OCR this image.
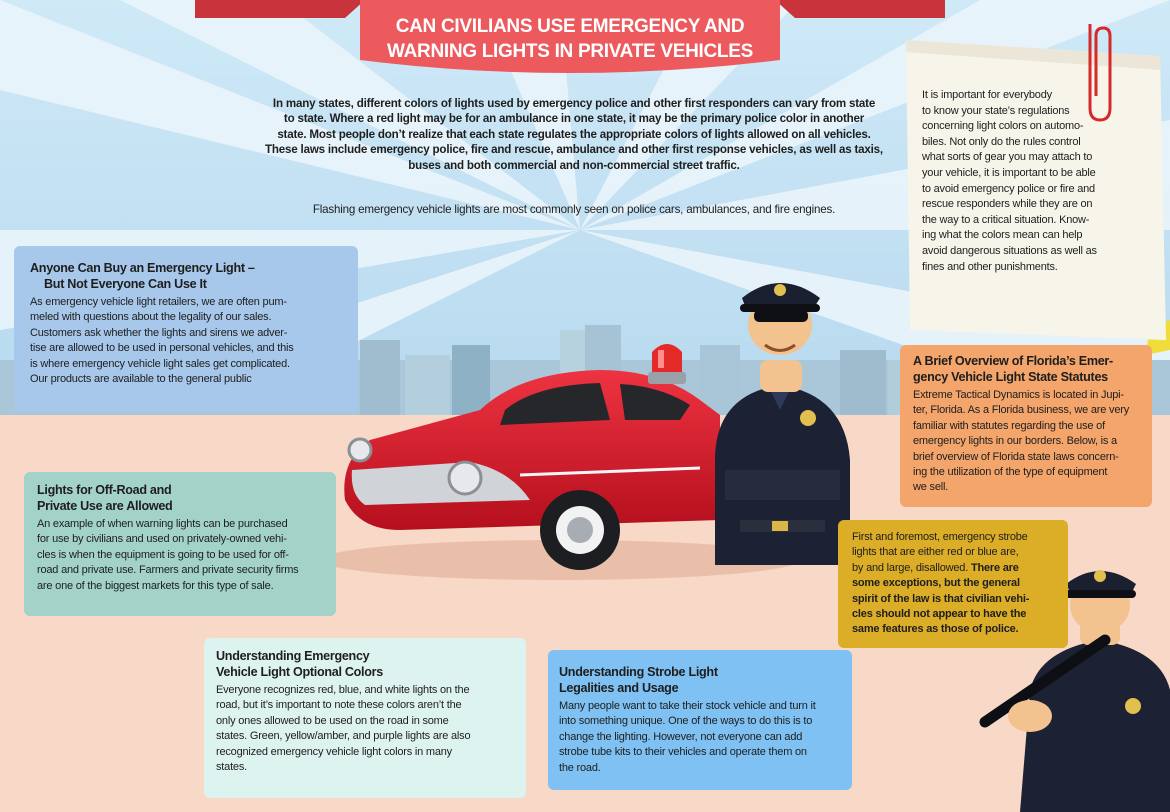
CAN CIVILIANS USE EMERGENCY AND
WARNING LIGHTS IN PRIVATE VEHICLES
In many states, different colors of lights used by emergency police and other first responders can vary from state
to state. Where a red light may be for an ambulance in one state, it may be the primary police color in another
state. Most people don’t realize that each state regulates the appropriate colors of lights allowed on all vehicles.
These laws include emergency police, fire and rescue, ambulance and other first response vehicles, as well as taxis,
buses and both commercial and non-commercial street traffic.
Flashing emergency vehicle lights are most commonly seen on police cars, ambulances, and fire engines.
It is important for everybody
to know your state’s regulations
concerning light colors on automo-
biles. Not only do the rules control
what sorts of gear you may attach to
your vehicle, it is important to be able
to avoid emergency police or fire and
rescue responders while they are on
the way to a critical situation. Know-
ing what the colors mean can help
avoid dangerous situations as well as
fines and other punishments.
Anyone Can Buy an Emergency Light –
But Not Everyone Can Use It

As emergency vehicle light retailers, we are often pum-
meled with questions about the legality of our sales.
Customers ask whether the lights and sirens we adver-
tise are allowed to be used in personal vehicles, and this
is where emergency vehicle light sales get complicated.
Our products are available to the general public

Lights for Off-Road and
Private Use are Allowed

An example of when warning lights can be purchased
for use by civilians and used on privately-owned vehi-
cles is when the equipment is going to be used for off-
road and private use. Farmers and private security firms
are one of the biggest markets for this type of sale.

Understanding Emergency
Vehicle Light Optional Colors

Everyone recognizes red, blue, and white lights on the
road, but it’s important to note these colors aren’t the
only ones allowed to be used on the road in some
states. Green, yellow/amber, and purple lights are also
recognized emergency vehicle light colors in many
states.

Understanding Strobe Light
Legalities and Usage

Many people want to take their stock vehicle and turn it
into something unique. One of the ways to do this is to
change the lighting. However, not everyone can add
strobe tube kits to their vehicles and operate them on
the road.

A Brief Overview of Florida’s Emer-
gency Vehicle Light State Statutes

Extreme Tactical Dynamics is located in Jupi-
ter, Florida. As a Florida business, we are very
familiar with statutes regarding the use of
emergency lights in our borders. Below, is a
brief overview of Florida state laws concern-
ing the utilization of the type of equipment
we sell.

First and foremost, emergency strobe
lights that are either red or blue are,
by and large, disallowed. There are
some exceptions, but the general
spirit of the law is that civilian vehi-
cles should not appear to have the
same features as those of police.
